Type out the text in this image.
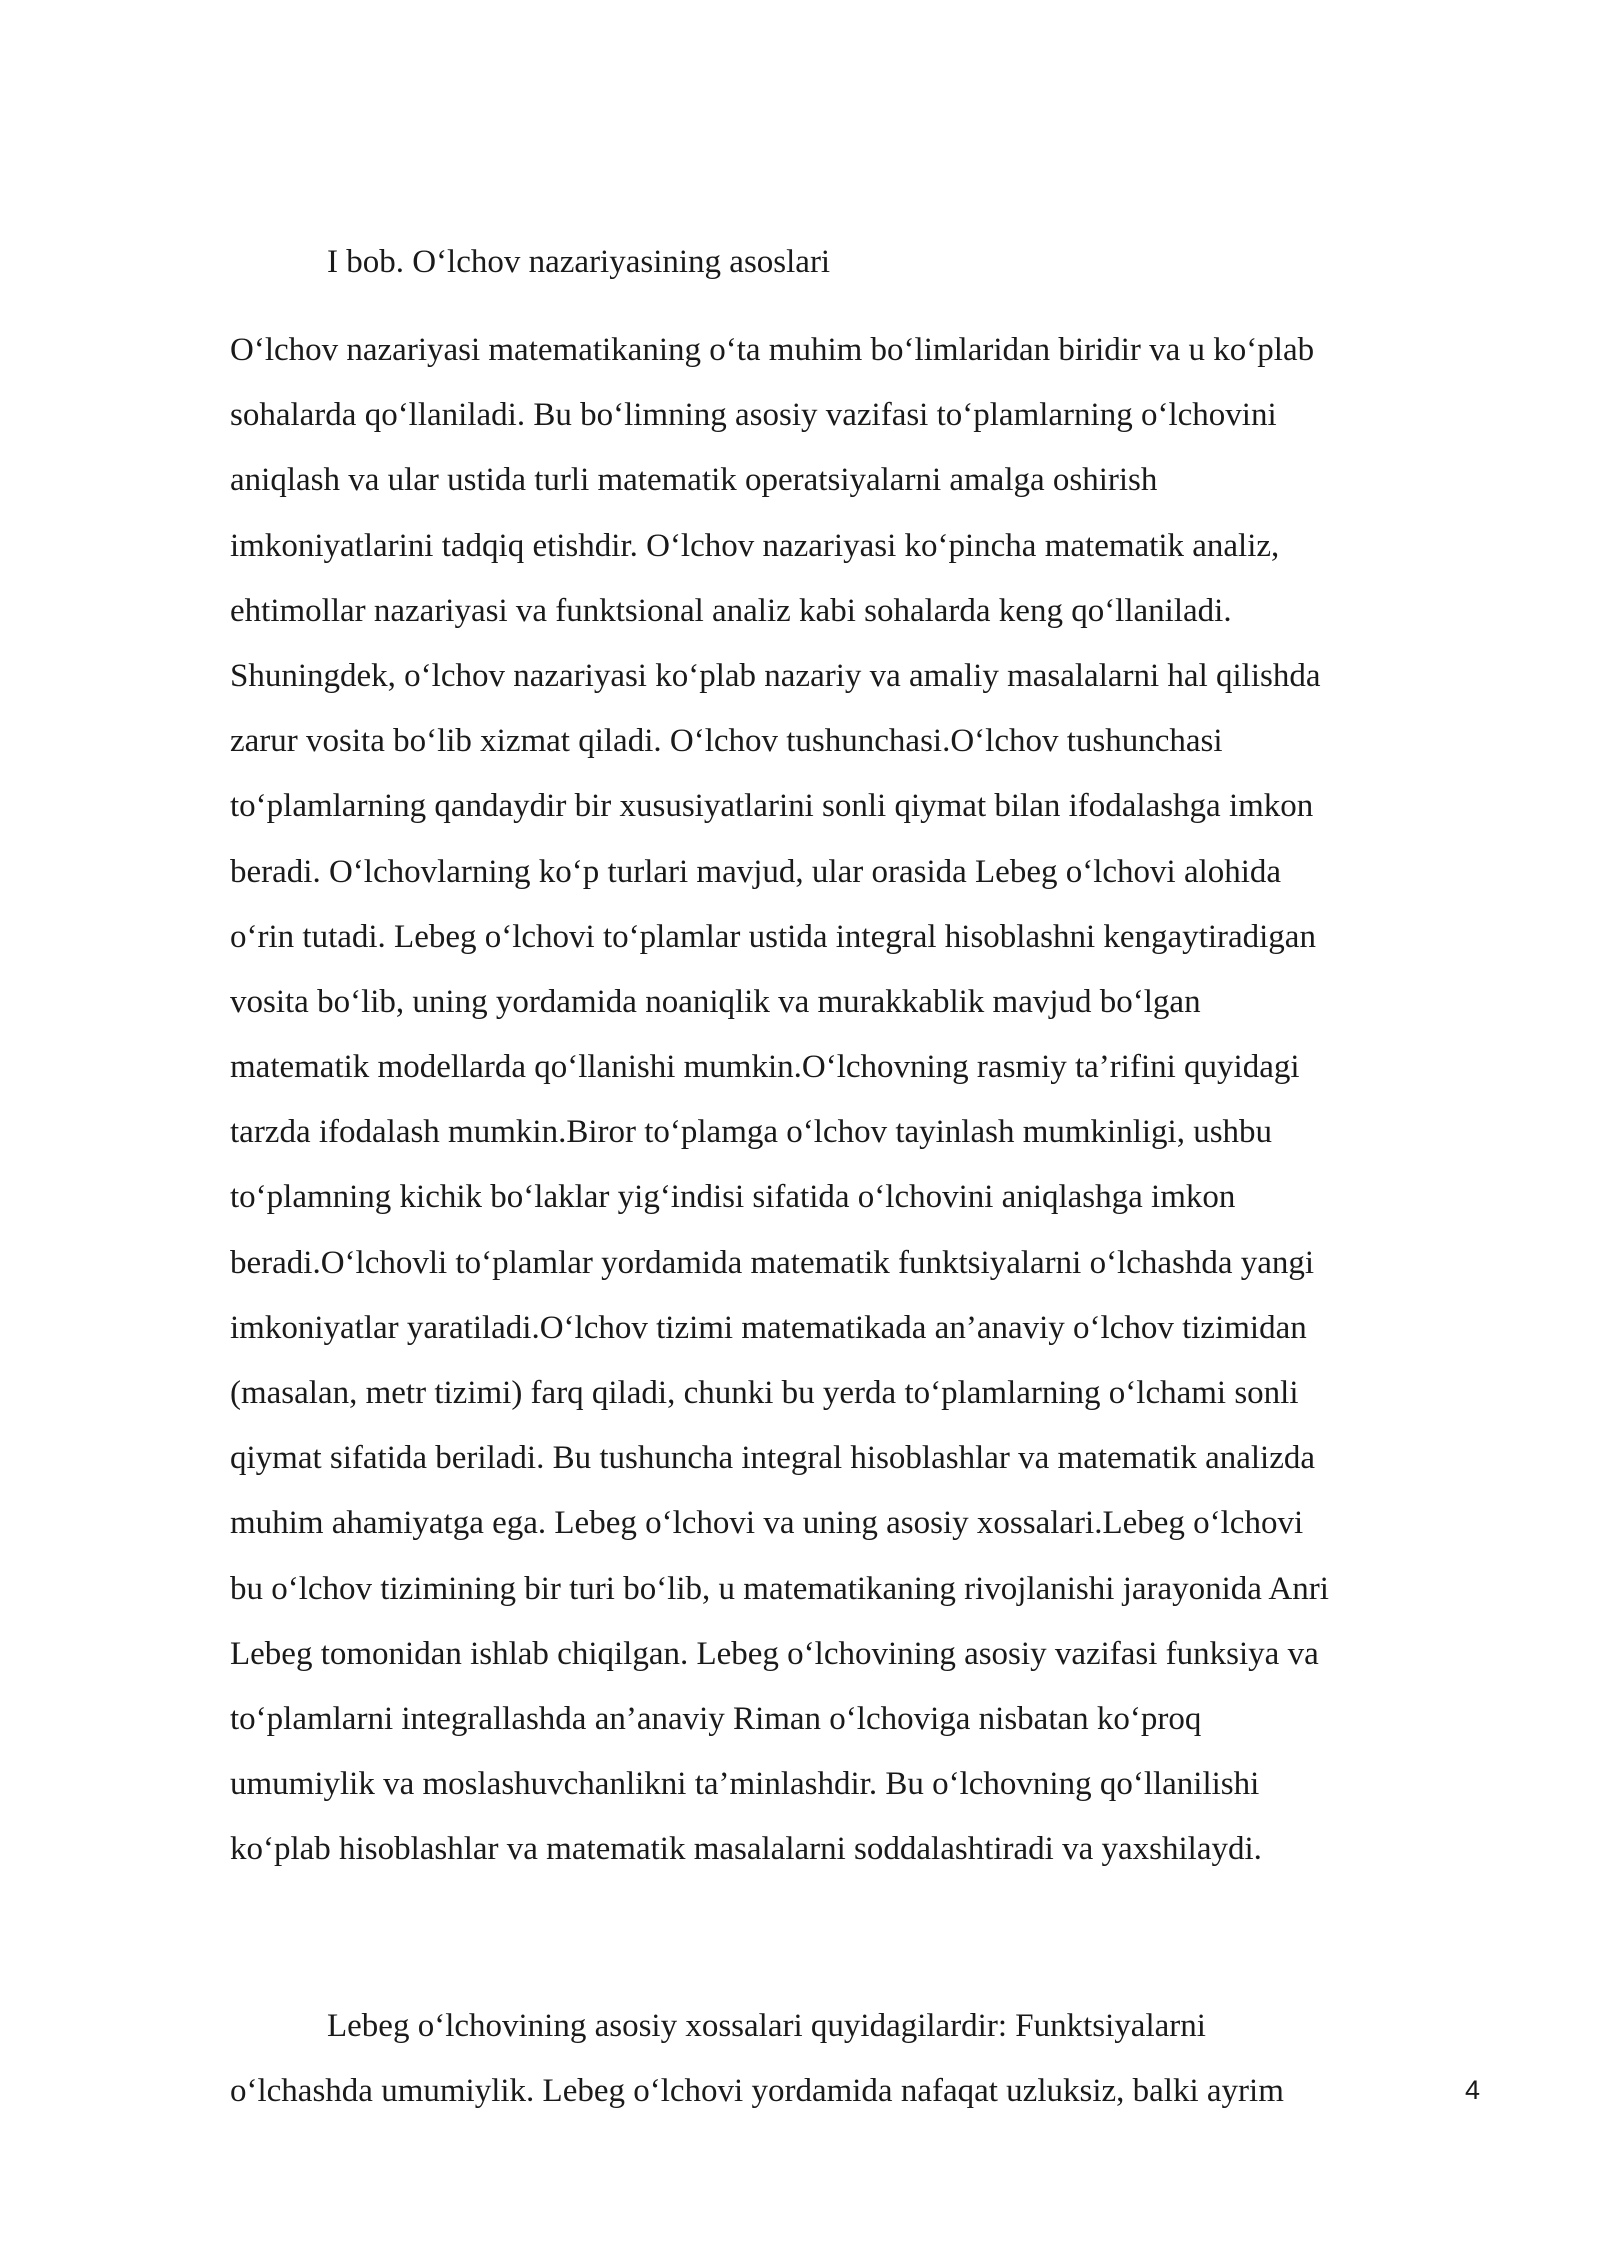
I bob. O‘lchov nazariyasining asoslari
O‘lchov nazariyasi matematikaning o‘ta muhim bo‘limlaridan biridir va u ko‘plab
sohalarda qo‘llaniladi. Bu bo‘limning asosiy vazifasi to‘plamlarning o‘lchovini
aniqlash va ular ustida turli matematik operatsiyalarni amalga oshirish
imkoniyatlarini tadqiq etishdir. O‘lchov nazariyasi ko‘pincha matematik analiz,
ehtimollar nazariyasi va funktsional analiz kabi sohalarda keng qo‘llaniladi.
Shuningdek, o‘lchov nazariyasi ko‘plab nazariy va amaliy masalalarni hal qilishda
zarur vosita bo‘lib xizmat qiladi. O‘lchov tushunchasi.O‘lchov tushunchasi
to‘plamlarning qandaydir bir xususiyatlarini sonli qiymat bilan ifodalashga imkon
beradi. O‘lchovlarning ko‘p turlari mavjud, ular orasida Lebeg o‘lchovi alohida
o‘rin tutadi. Lebeg o‘lchovi to‘plamlar ustida integral hisoblashni kengaytiradigan
vosita bo‘lib, uning yordamida noaniqlik va murakkablik mavjud bo‘lgan
matematik modellarda qo‘llanishi mumkin.O‘lchovning rasmiy ta’rifini quyidagi
tarzda ifodalash mumkin.Biror to‘plamga o‘lchov tayinlash mumkinligi, ushbu
to‘plamning kichik bo‘laklar yig‘indisi sifatida o‘lchovini aniqlashga imkon
beradi.O‘lchovli to‘plamlar yordamida matematik funktsiyalarni o‘lchashda yangi
imkoniyatlar yaratiladi.O‘lchov tizimi matematikada an’anaviy o‘lchov tizimidan
(masalan, metr tizimi) farq qiladi, chunki bu yerda to‘plamlarning o‘lchami sonli
qiymat sifatida beriladi. Bu tushuncha integral hisoblashlar va matematik analizda
muhim ahamiyatga ega. Lebeg o‘lchovi va uning asosiy xossalari.Lebeg o‘lchovi
bu o‘lchov tizimining bir turi bo‘lib, u matematikaning rivojlanishi jarayonida Anri
Lebeg tomonidan ishlab chiqilgan. Lebeg o‘lchovining asosiy vazifasi funksiya va
to‘plamlarni integrallashda an’anaviy Riman o‘lchoviga nisbatan ko‘proq
umumiylik va moslashuvchanlikni ta’minlashdir. Bu o‘lchovning qo‘llanilishi
ko‘plab hisoblashlar va matematik masalalarni soddalashtiradi va yaxshilaydi.
Lebeg o‘lchovining asosiy xossalari quyidagilardir: Funktsiyalarni
o‘lchashda umumiylik. Lebeg o‘lchovi yordamida nafaqat uzluksiz, balki ayrim	4
